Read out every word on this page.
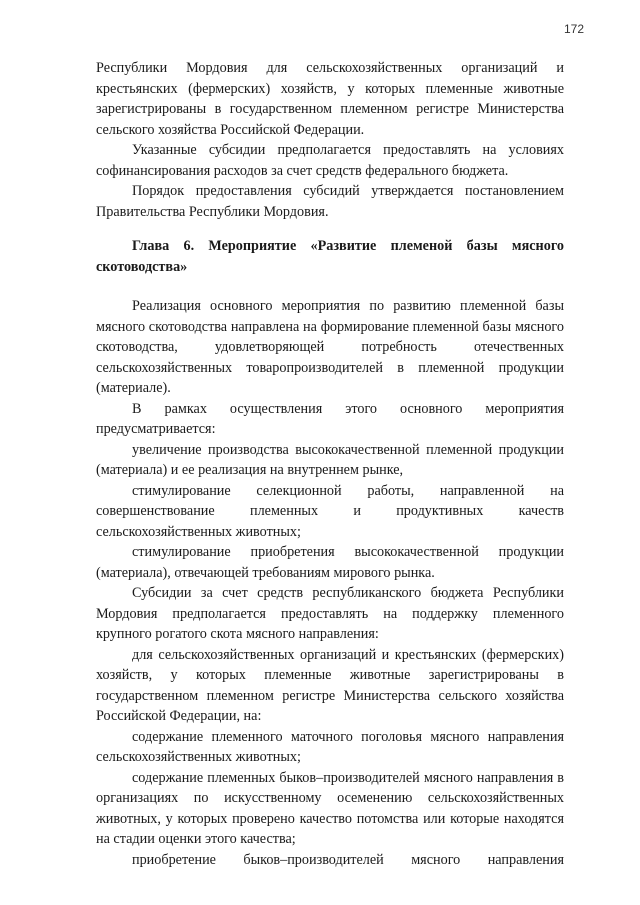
172

Республики Мордовия для сельскохозяйственных организаций и крестьянских (фермерских) хозяйств, у которых племенные животные зарегистрированы в государственном племенном регистре Министерства сельского хозяйства Российской Федерации.

Указанные субсидии предполагается предоставлять на условиях софинансирования расходов за счет средств федерального бюджета.

Порядок предоставления субсидий утверждается постановлением Правительства Республики Мордовия.

Глава 6. Мероприятие «Развитие племеной базы мясного скотоводства»

Реализация основного мероприятия по развитию племенной базы мясного скотоводства направлена на формирование племенной базы мясного скотоводства, удовлетворяющей потребность отечественных сельскохозяйственных товаропроизводителей в племенной продукции (материале).

В рамках осуществления этого основного мероприятия предусматривается:

увеличение производства высококачественной племенной продукции (материала) и ее реализация на внутреннем рынке,

стимулирование селекционной работы, направленной на совершенствование племенных и продуктивных качеств сельскохозяйственных животных;

стимулирование приобретения высококачественной продукции (материала), отвечающей требованиям мирового рынка.

Субсидии за счет средств республиканского бюджета Республики Мордовия предполагается предоставлять на поддержку племенного крупного рогатого скота мясного направления:

для сельскохозяйственных организаций и крестьянских (фермерских) хозяйств, у которых племенные животные зарегистрированы в государственном племенном регистре Министерства сельского хозяйства Российской Федерации, на:

содержание племенного маточного поголовья мясного направления сельскохозяйственных животных;

содержание племенных быков–производителей мясного направления в организациях по искусственному осеменению сельскохозяйственных животных, у которых проверено качество потомства или которые находятся на стадии оценки этого качества;

приобретение быков–производителей мясного направления
